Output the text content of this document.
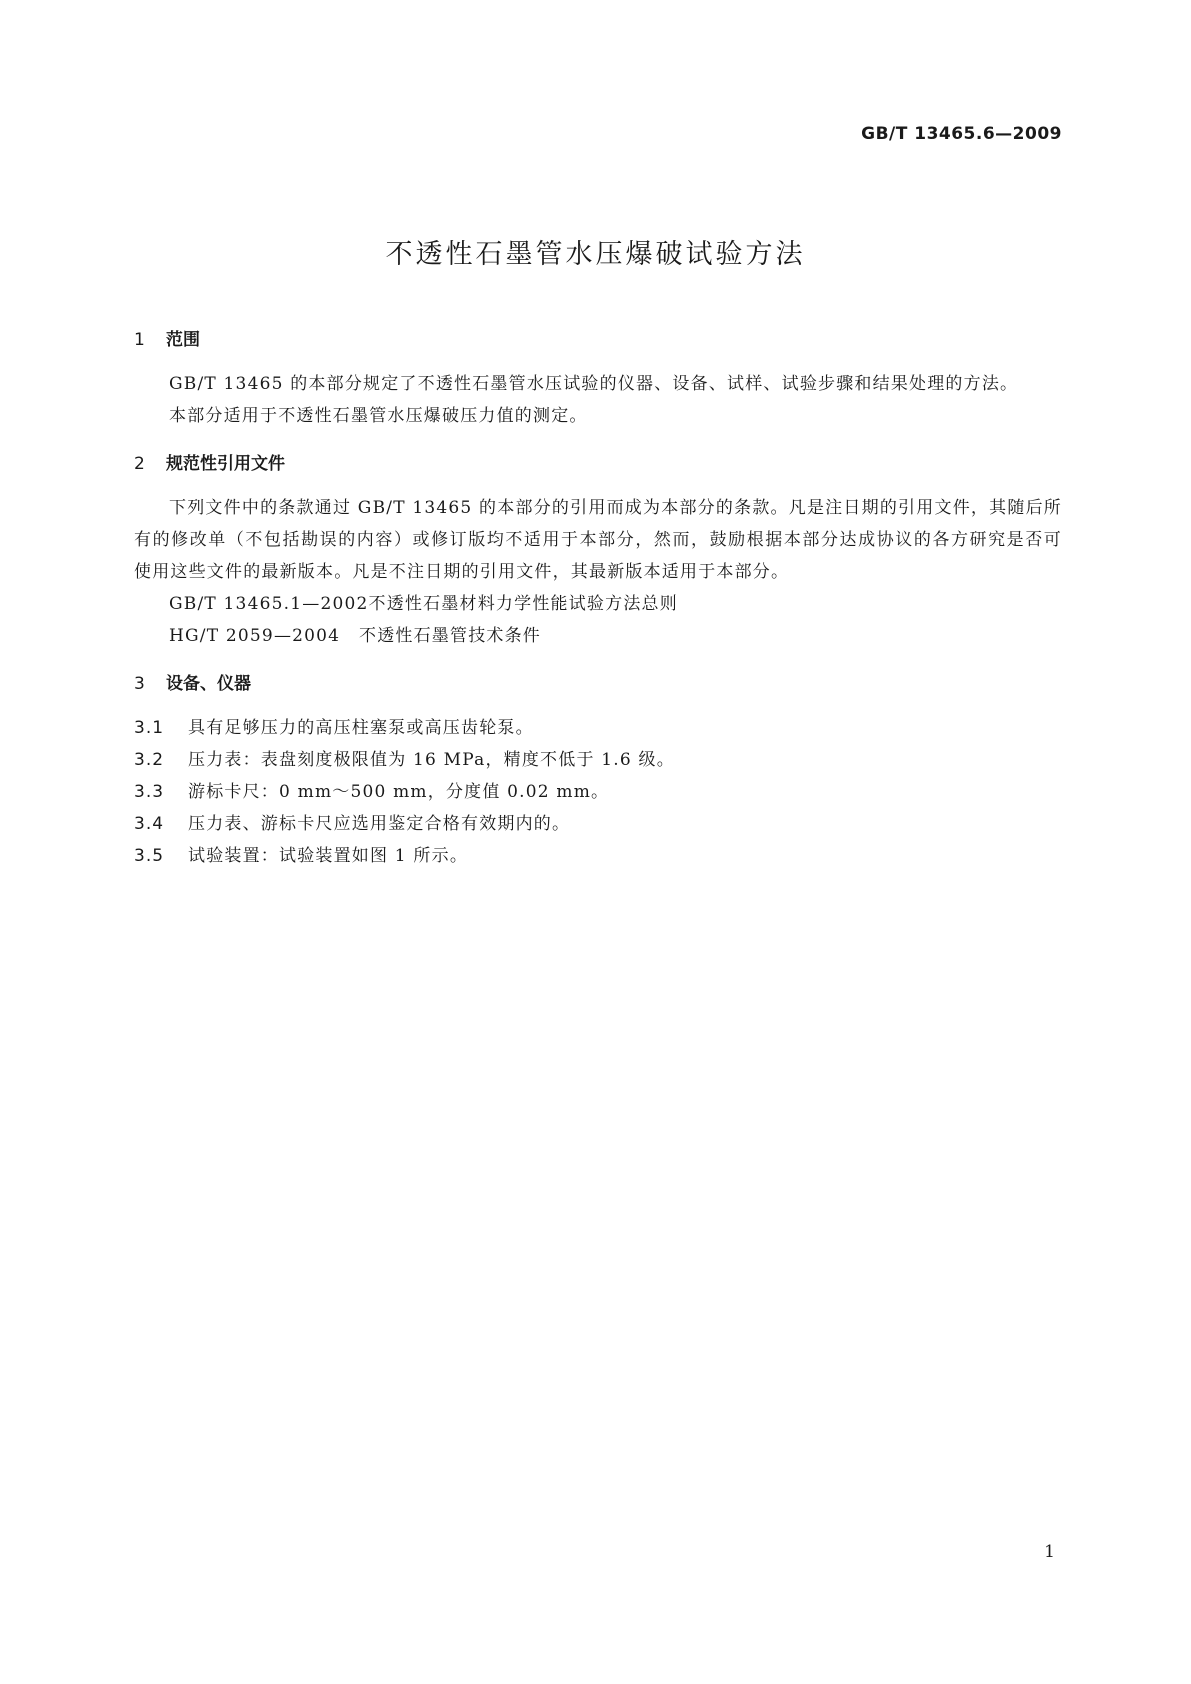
GB/T 13465.6—2009
不透性石墨管水压爆破试验方法
1 范围
GB/T 13465 的本部分规定了不透性石墨管水压试验的仪器、设备、试样、试验步骤和结果处理的方法。
本部分适用于不透性石墨管水压爆破压力值的测定。
2 规范性引用文件
下列文件中的条款通过 GB/T 13465 的本部分的引用而成为本部分的条款。凡是注日期的引用文件，其随后所有的修改单（不包括勘误的内容）或修订版均不适用于本部分，然而，鼓励根据本部分达成协议的各方研究是否可使用这些文件的最新版本。凡是不注日期的引用文件，其最新版本适用于本部分。
GB/T 13465.1—2002不透性石墨材料力学性能试验方法总则
HG/T 2059—2004 不透性石墨管技术条件
3 设备、仪器
3.1 具有足够压力的高压柱塞泵或高压齿轮泵。
3.2 压力表：表盘刻度极限值为 16 MPa，精度不低于 1.6 级。
3.3 游标卡尺：0 mm～500 mm，分度值 0.02 mm。
3.4 压力表、游标卡尺应选用鉴定合格有效期内的。
3.5 试验装置：试验装置如图 1 所示。
1
